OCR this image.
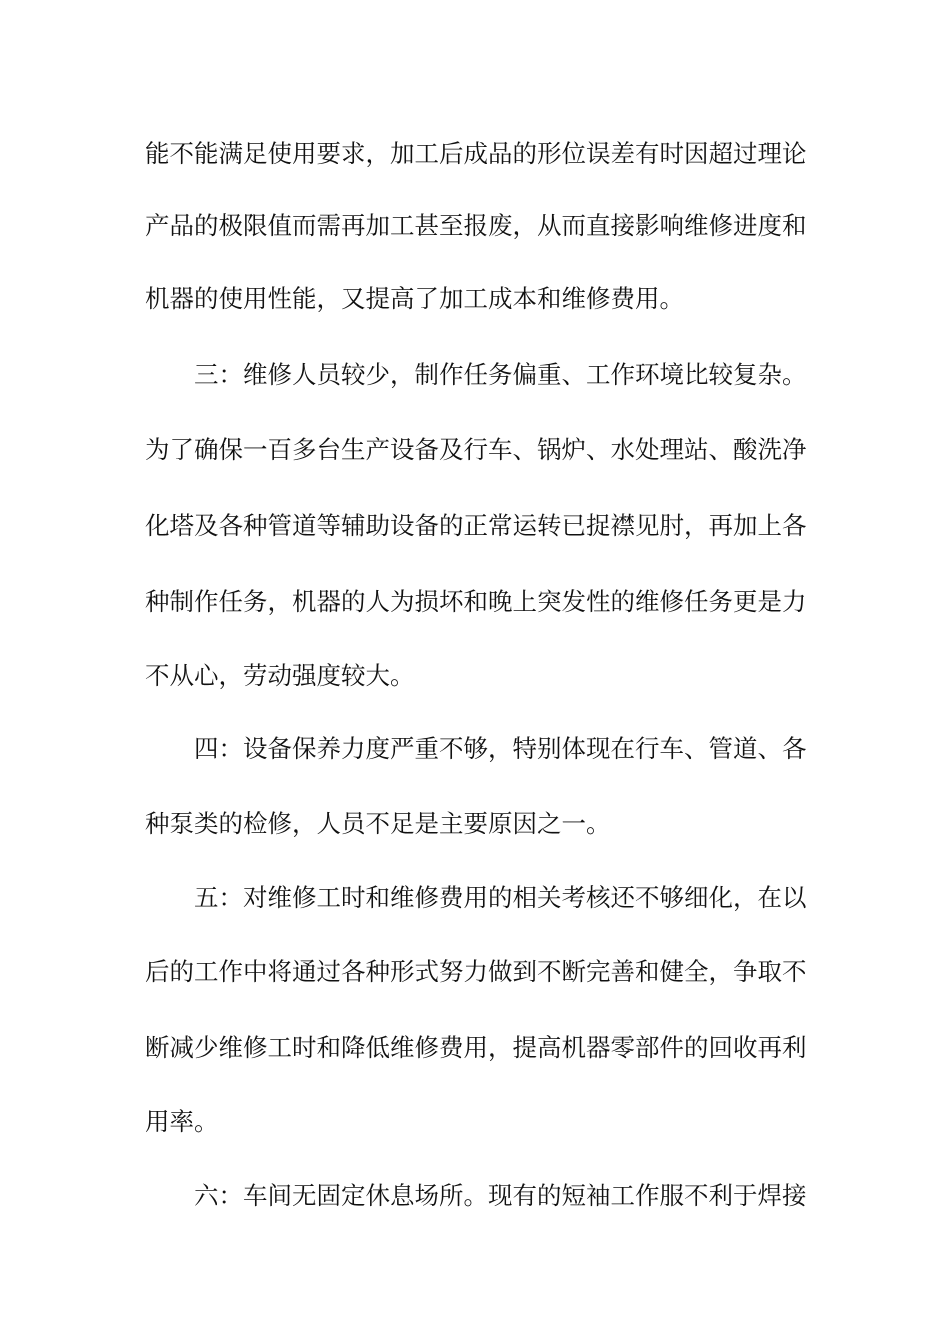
能不能满足使用要求，加工后成品的形位误差有时因超过理论
产品的极限值而需再加工甚至报废，从而直接影响维修进度和
机器的使用性能，又提高了加工成本和维修费用。
三：维修人员较少，制作任务偏重、工作环境比较复杂。
为了确保一百多台生产设备及行车、锅炉、水处理站、酸洗净
化塔及各种管道等辅助设备的正常运转已捉襟见肘，再加上各
种制作任务，机器的人为损坏和晚上突发性的维修任务更是力
不从心，劳动强度较大。
四：设备保养力度严重不够，特别体现在行车、管道、各
种泵类的检修，人员不足是主要原因之一。
五：对维修工时和维修费用的相关考核还不够细化，在以
后的工作中将通过各种形式努力做到不断完善和健全，争取不
断减少维修工时和降低维修费用，提高机器零部件的回收再利
用率。
六：车间无固定休息场所。现有的短袖工作服不利于焊接
